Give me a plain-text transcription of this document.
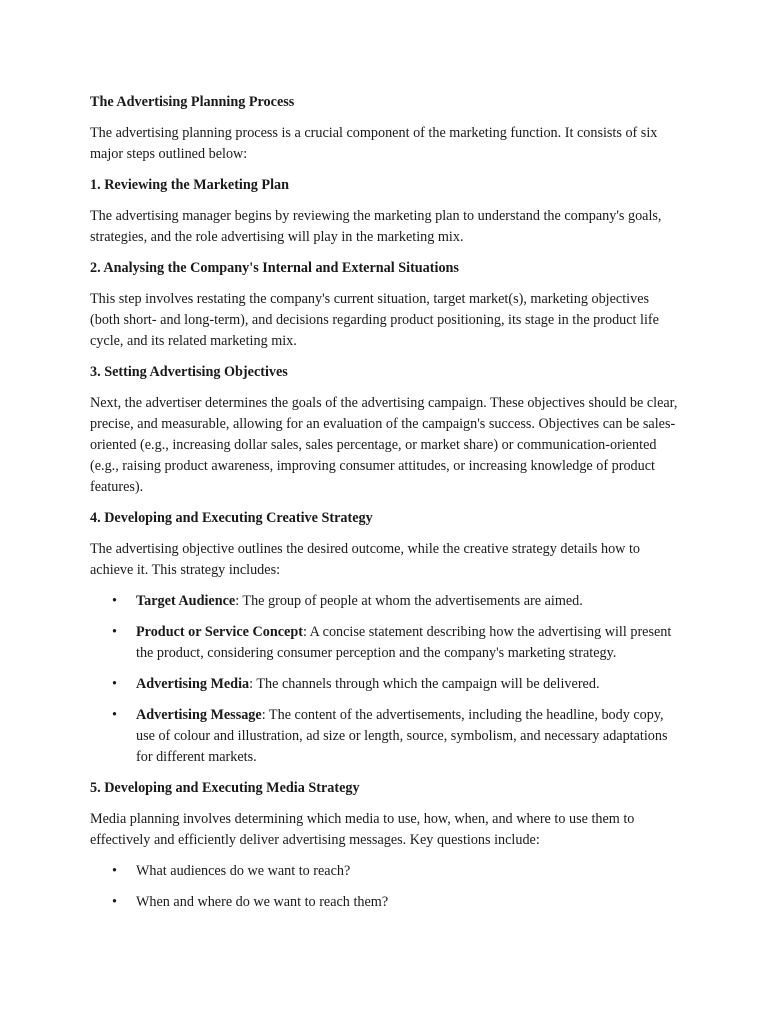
The Advertising Planning Process

The advertising planning process is a crucial component of the marketing function. It consists of six major steps outlined below:

1. Reviewing the Marketing Plan

The advertising manager begins by reviewing the marketing plan to understand the company's goals, strategies, and the role advertising will play in the marketing mix.

2. Analysing the Company's Internal and External Situations

This step involves restating the company's current situation, target market(s), marketing objectives (both short- and long-term), and decisions regarding product positioning, its stage in the product life cycle, and its related marketing mix.

3. Setting Advertising Objectives

Next, the advertiser determines the goals of the advertising campaign. These objectives should be clear, precise, and measurable, allowing for an evaluation of the campaign's success. Objectives can be sales-oriented (e.g., increasing dollar sales, sales percentage, or market share) or communication-oriented (e.g., raising product awareness, improving consumer attitudes, or increasing knowledge of product features).

4. Developing and Executing Creative Strategy

The advertising objective outlines the desired outcome, while the creative strategy details how to achieve it. This strategy includes:

• Target Audience: The group of people at whom the advertisements are aimed.
• Product or Service Concept: A concise statement describing how the advertising will present the product, considering consumer perception and the company's marketing strategy.
• Advertising Media: The channels through which the campaign will be delivered.
• Advertising Message: The content of the advertisements, including the headline, body copy, use of colour and illustration, ad size or length, source, symbolism, and necessary adaptations for different markets.
5. Developing and Executing Media Strategy

Media planning involves determining which media to use, how, when, and where to use them to effectively and efficiently deliver advertising messages. Key questions include:

• What audiences do we want to reach?
• When and where do we want to reach them?
